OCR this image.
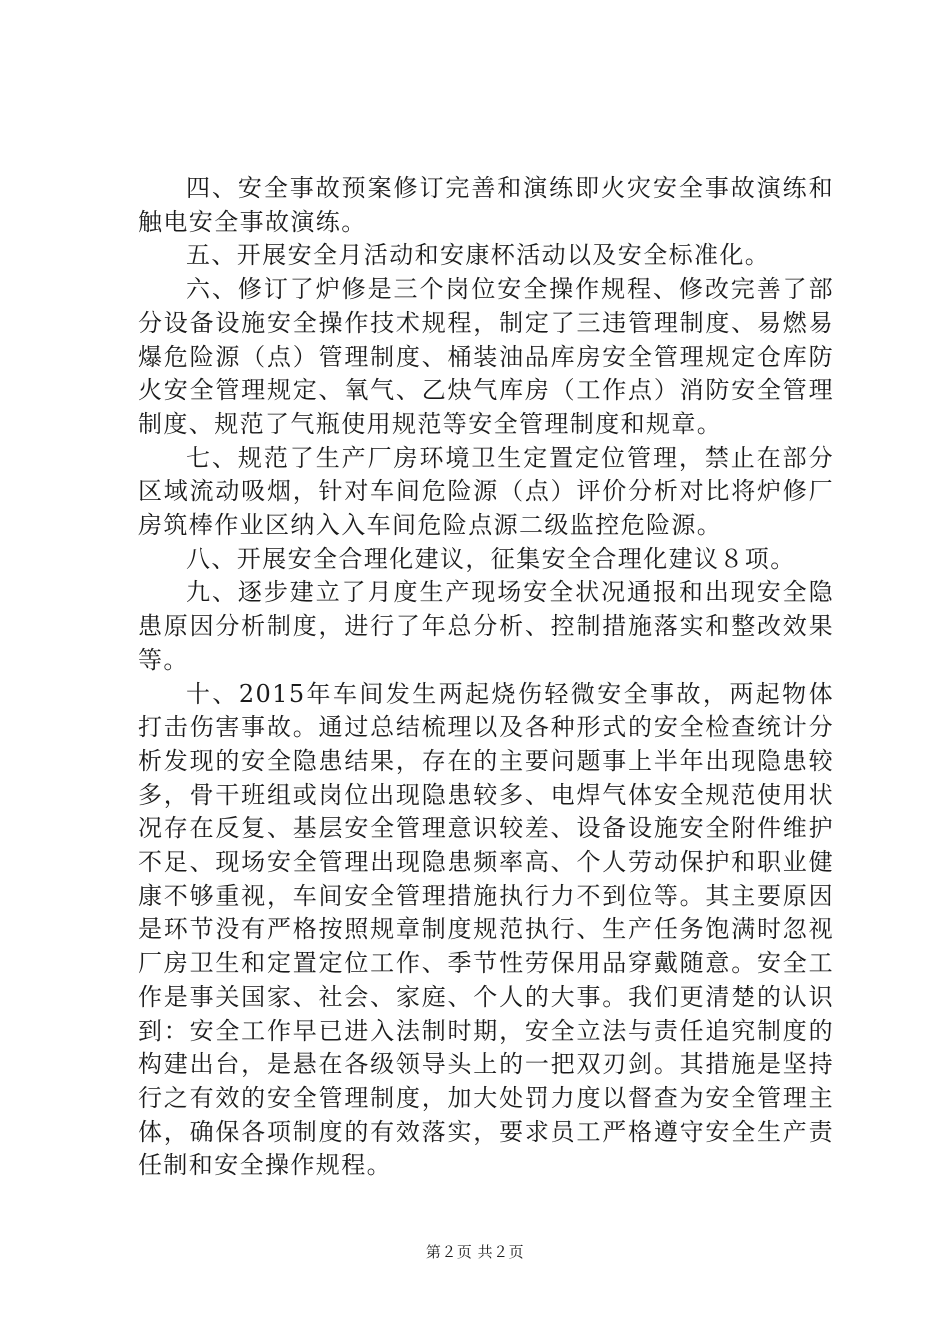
四、安全事故预案修订完善和演练即火灾安全事故演练和触电安全事故演练。

五、开展安全月活动和安康杯活动以及安全标准化。

六、修订了炉修是三个岗位安全操作规程、修改完善了部分设备设施安全操作技术规程，制定了三违管理制度、易燃易爆危险源（点）管理制度、桶装油品库房安全管理规定仓库防火安全管理规定、氧气、乙炔气库房（工作点）消防安全管理制度、规范了气瓶使用规范等安全管理制度和规章。

七、规范了生产厂房环境卫生定置定位管理，禁止在部分区域流动吸烟，针对车间危险源（点）评价分析对比将炉修厂房筑棒作业区纳入入车间危险点源二级监控危险源。

八、开展安全合理化建议，征集安全合理化建议８项。

九、逐步建立了月度生产现场安全状况通报和出现安全隐患原因分析制度，进行了年总分析、控制措施落实和整改效果等。

十、2015年车间发生两起烧伤轻微安全事故，两起物体打击伤害事故。通过总结梳理以及各种形式的安全检查统计分析发现的安全隐患结果，存在的主要问题事上半年出现隐患较多，骨干班组或岗位出现隐患较多、电焊气体安全规范使用状况存在反复、基层安全管理意识较差、设备设施安全附件维护不足、现场安全管理出现隐患频率高、个人劳动保护和职业健康不够重视，车间安全管理措施执行力不到位等。其主要原因是环节没有严格按照规章制度规范执行、生产任务饱满时忽视厂房卫生和定置定位工作、季节性劳保用品穿戴随意。安全工作是事关国家、社会、家庭、个人的大事。我们更清楚的认识到：安全工作早已进入法制时期，安全立法与责任追究制度的构建出台，是悬在各级领导头上的一把双刃剑。其措施是坚持行之有效的安全管理制度，加大处罚力度以督查为安全管理主体，确保各项制度的有效落实，要求员工严格遵守安全生产责任制和安全操作规程。

第２页 共２页
